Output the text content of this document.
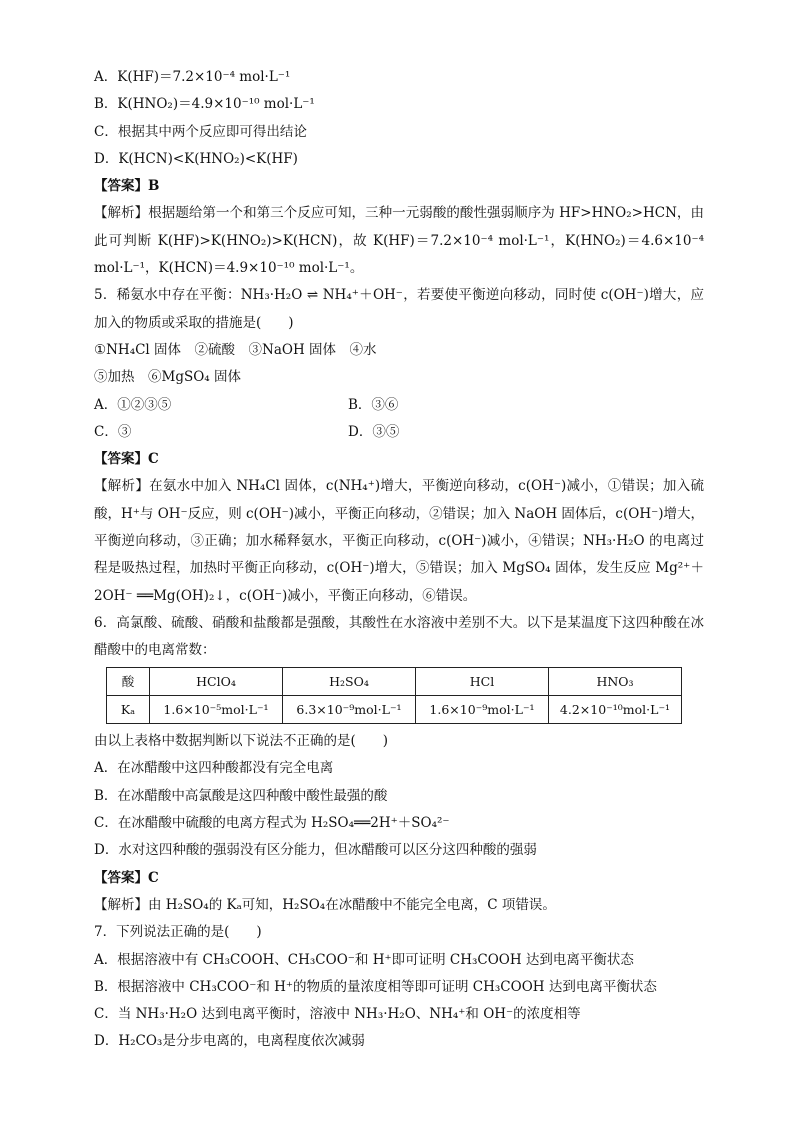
A．K(HF)＝7.2×10⁻⁴ mol·L⁻¹
B．K(HNO₂)＝4.9×10⁻¹⁰ mol·L⁻¹
C．根据其中两个反应即可得出结论
D．K(HCN)<K(HNO₂)<K(HF)
【答案】B
【解析】根据题给第一个和第三个反应可知，三种一元弱酸的酸性强弱顺序为 HF>HNO₂>HCN，由此可判断 K(HF)>K(HNO₂)>K(HCN)，故 K(HF)＝7.2×10⁻⁴ mol·L⁻¹，K(HNO₂)＝4.6×10⁻⁴ mol·L⁻¹，K(HCN)＝4.9×10⁻¹⁰ mol·L⁻¹。
5．稀氨水中存在平衡：NH₃·H₂O ⇌ NH₄⁺＋OH⁻，若要使平衡逆向移动，同时使 c(OH⁻)增大，应加入的物质或采取的措施是(　　)
①NH₄Cl 固体　②硫酸　③NaOH 固体　④水
⑤加热　⑥MgSO₄ 固体
A．①②③⑤	B．③⑥
C．③	D．③⑤
【答案】C
【解析】在氨水中加入 NH₄Cl 固体，c(NH₄⁺)增大，平衡逆向移动，c(OH⁻)减小，①错误；加入硫酸，H⁺与 OH⁻反应，则 c(OH⁻)减小，平衡正向移动，②错误；加入 NaOH 固体后，c(OH⁻)增大，平衡逆向移动，③正确；加水稀释氨水，平衡正向移动，c(OH⁻)减小，④错误；NH₃·H₂O 的电离过程是吸热过程，加热时平衡正向移动，c(OH⁻)增大，⑤错误；加入 MgSO₄ 固体，发生反应 Mg²⁺＋2OH⁻ ══Mg(OH)₂↓，c(OH⁻)减小，平衡正向移动，⑥错误。
6．高氯酸、硫酸、硝酸和盐酸都是强酸，其酸性在水溶液中差别不大。以下是某温度下这四种酸在冰醋酸中的电离常数：
酸	HClO₄	H₂SO₄	HCl	HNO₃
Kₐ	1.6×10⁻⁵mol·L⁻¹	6.3×10⁻⁹mol·L⁻¹	1.6×10⁻⁹mol·L⁻¹	4.2×10⁻¹⁰mol·L⁻¹
由以上表格中数据判断以下说法不正确的是(　　)
A．在冰醋酸中这四种酸都没有完全电离
B．在冰醋酸中高氯酸是这四种酸中酸性最强的酸
C．在冰醋酸中硫酸的电离方程式为 H₂SO₄══2H⁺＋SO₄²⁻
D．水对这四种酸的强弱没有区分能力，但冰醋酸可以区分这四种酸的强弱
【答案】C
【解析】由 H₂SO₄的 Kₐ可知，H₂SO₄在冰醋酸中不能完全电离，C 项错误。
7．下列说法正确的是(　　)
A．根据溶液中有 CH₃COOH、CH₃COO⁻和 H⁺即可证明 CH₃COOH 达到电离平衡状态
B．根据溶液中 CH₃COO⁻和 H⁺的物质的量浓度相等即可证明 CH₃COOH 达到电离平衡状态
C．当 NH₃·H₂O 达到电离平衡时，溶液中 NH₃·H₂O、NH₄⁺和 OH⁻的浓度相等
D．H₂CO₃是分步电离的，电离程度依次减弱
